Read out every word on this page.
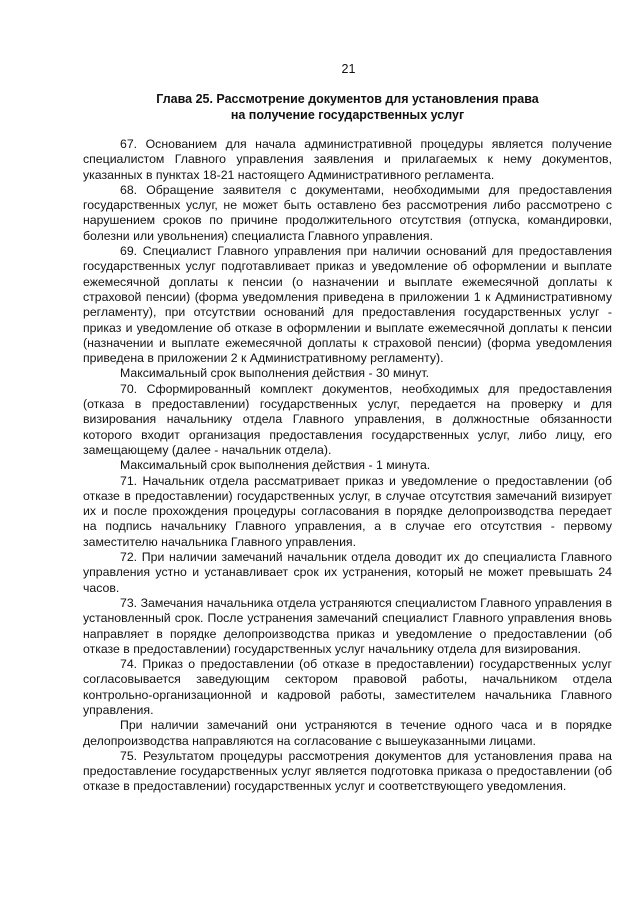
21
Глава 25. Рассмотрение документов для установления права
на получение государственных услуг

67. Основанием для начала административной процедуры является получение специалистом Главного управления заявления и прилагаемых к нему документов, указанных в пунктах 18-21 настоящего Административного регламента.

68. Обращение заявителя с документами, необходимыми для предоставления государственных услуг, не может быть оставлено без рассмотрения либо рассмотрено с нарушением сроков по причине продолжительного отсутствия (отпуска, командировки, болезни или увольнения) специалиста Главного управления.

69. Специалист Главного управления при наличии оснований для предоставления государственных услуг подготавливает приказ и уведомление об оформлении и выплате ежемесячной доплаты к пенсии (о назначении и выплате ежемесячной доплаты к страховой пенсии) (форма уведомления приведена в приложении 1 к Административному регламенту), при отсутствии оснований для предоставления государственных услуг - приказ и уведомление об отказе в оформлении и выплате ежемесячной доплаты к пенсии (назначении и выплате ежемесячной доплаты к страховой пенсии) (форма уведомления приведена в приложении 2 к Административному регламенту).

Максимальный срок выполнения действия - 30 минут.

70. Сформированный комплект документов, необходимых для предоставления (отказа в предоставлении) государственных услуг, передается на проверку и для визирования начальнику отдела Главного управления, в должностные обязанности которого входит организация предоставления государственных услуг, либо лицу, его замещающему (далее - начальник отдела).

Максимальный срок выполнения действия - 1 минута.

71. Начальник отдела рассматривает приказ и уведомление о предоставлении (об отказе в предоставлении) государственных услуг, в случае отсутствия замечаний визирует их и после прохождения процедуры согласования в порядке делопроизводства передает на подпись начальнику Главного управления, а в случае его отсутствия - первому заместителю начальника Главного управления.

72. При наличии замечаний начальник отдела доводит их до специалиста Главного управления устно и устанавливает срок их устранения, который не может превышать 24 часов.

73. Замечания начальника отдела устраняются специалистом Главного управления в установленный срок. После устранения замечаний специалист Главного управления вновь направляет в порядке делопроизводства приказ и уведомление о предоставлении (об отказе в предоставлении) государственных услуг начальнику отдела для визирования.

74. Приказ о предоставлении (об отказе в предоставлении) государственных услуг согласовывается заведующим сектором правовой работы, начальником отдела контрольно-организационной и кадровой работы, заместителем начальника Главного управления.

При наличии замечаний они устраняются в течение одного часа и в порядке делопроизводства направляются на согласование с вышеуказанными лицами.

75. Результатом процедуры рассмотрения документов для установления права на предоставление государственных услуг является подготовка приказа о предоставлении (об отказе в предоставлении) государственных услуг и соответствующего уведомления.
